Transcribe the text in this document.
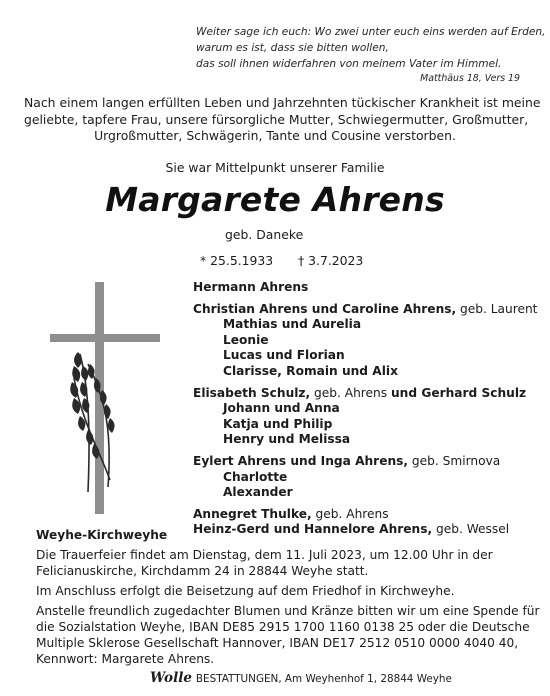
Weiter sage ich euch: Wo zwei unter euch eins werden auf Erden,
warum es ist, dass sie bitten wollen,
das soll ihnen widerfahren von meinem Vater im Himmel.
Matthäus 18, Vers 19
Nach einem langen erfüllten Leben und Jahrzehnten tückischer Krankheit ist meine
geliebte, tapfere Frau, unsere fürsorgliche Mutter, Schwiegermutter, Großmutter,
Urgroßmutter, Schwägerin, Tante und Cousine verstorben.
Sie war Mittelpunkt unserer Familie
Margarete Ahrens
geb. Daneke
* 25.5.1933 † 3.7.2023
Hermann Ahrens
Christian Ahrens und Caroline Ahrens, geb. Laurent
Mathias und Aurelia
Leonie
Lucas und Florian
Clarisse, Romain und Alix
Elisabeth Schulz, geb. Ahrens und Gerhard Schulz
Johann und Anna
Katja und Philip
Henry und Melissa
Eylert Ahrens und Inga Ahrens, geb. Smirnova
Charlotte
Alexander
Annegret Thulke, geb. Ahrens
Heinz-Gerd und Hannelore Ahrens, geb. Wessel
Weyhe-Kirchweyhe

Die Trauerfeier findet am Dienstag, dem 11. Juli 2023, um 12.00 Uhr in der
Felicianuskirche, Kirchdamm 24 in 28844 Weyhe statt.

Im Anschluss erfolgt die Beisetzung auf dem Friedhof in Kirchweyhe.

Anstelle freundlich zugedachter Blumen und Kränze bitten wir um eine Spende für
die Sozialstation Weyhe, IBAN DE85 2915 1700 1160 0138 25 oder die Deutsche
Multiple Sklerose Gesellschaft Hannover, IBAN DE17 2512 0510 0000 4040 40,
Kennwort: Margarete Ahrens.

Wolle BESTATTUNGEN, Am Weyhenhof 1, 28844 Weyhe
